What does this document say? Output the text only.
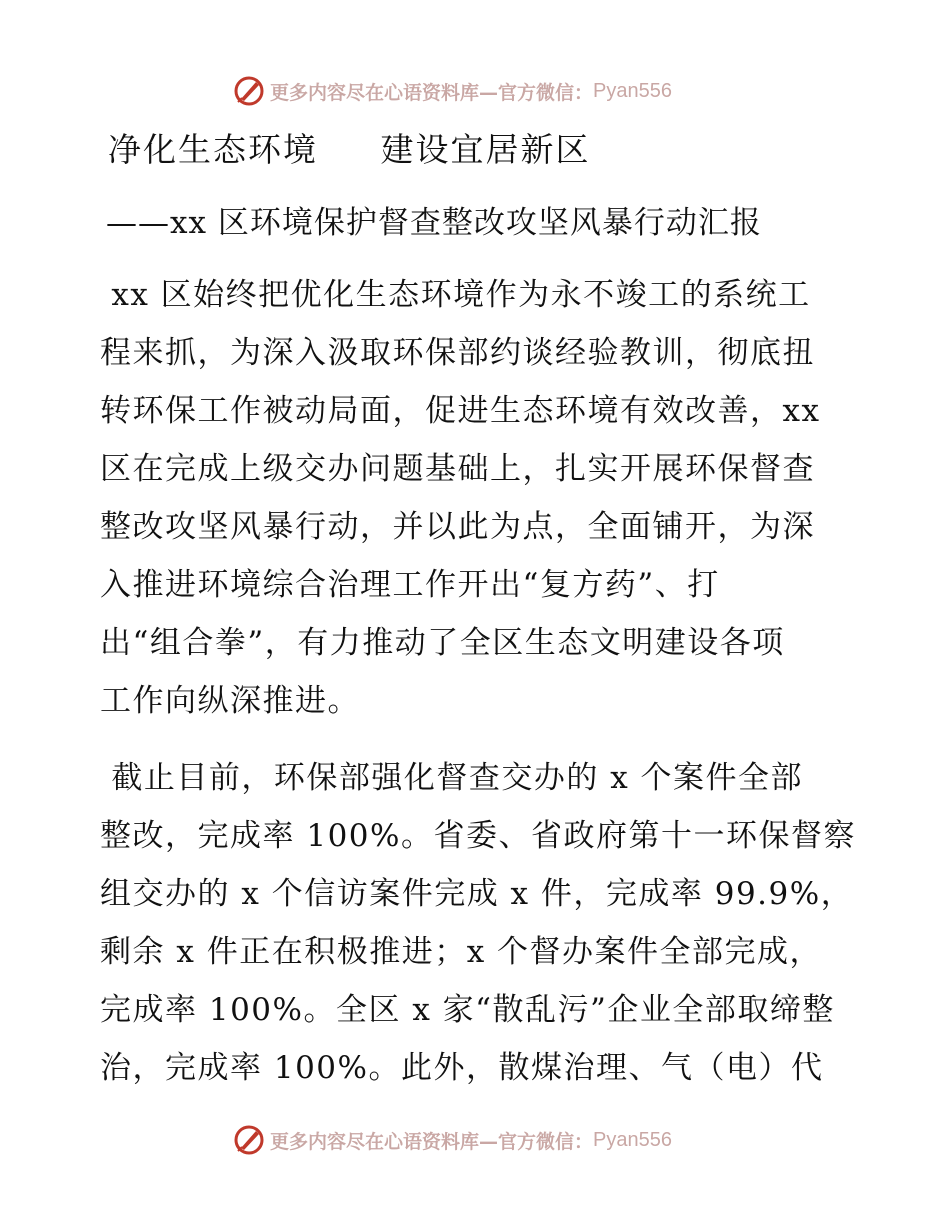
更多内容尽在心语资料库—官方微信： Pyan556
净化生态环境     建设宜居新区
——xx 区环境保护督查整改攻坚风暴行动汇报
xx 区始终把优化生态环境作为永不竣工的系统工
程来抓，为深入汲取环保部约谈经验教训，彻底扭
转环保工作被动局面，促进生态环境有效改善，xx
区在完成上级交办问题基础上，扎实开展环保督查
整改攻坚风暴行动，并以此为点，全面铺开，为深
入推进环境综合治理工作开出“复方药”、打
出“组合拳”，有力推动了全区生态文明建设各项
工作向纵深推进。
截止目前，环保部强化督查交办的 x 个案件全部
整改，完成率 100%。省委、省政府第十一环保督察
组交办的 x 个信访案件完成 x 件，完成率 99.9%，
剩余 x 件正在积极推进；x 个督办案件全部完成，
完成率 100%。全区 x 家“散乱污”企业全部取缔整
治，完成率 100%。此外，散煤治理、气（电）代
更多内容尽在心语资料库—官方微信： Pyan556
